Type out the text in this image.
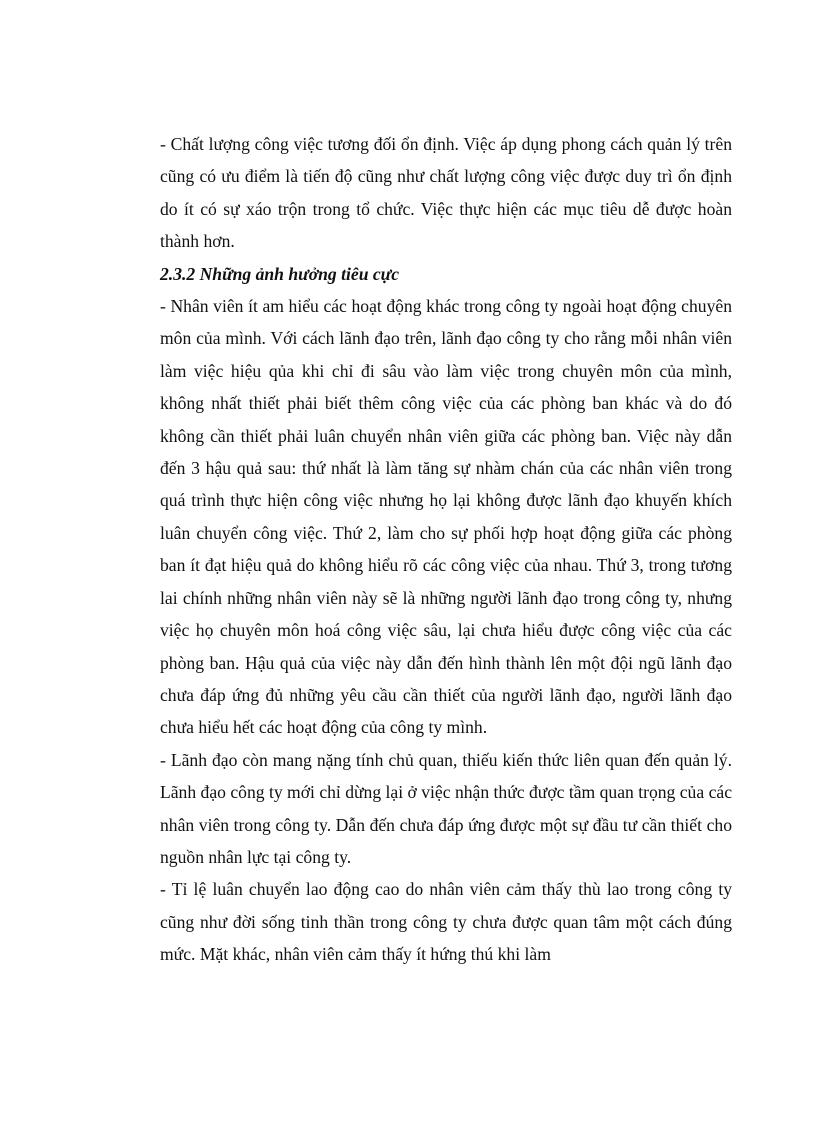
- Chất lượng công việc tương đối ổn định. Việc áp dụng phong cách quản lý trên cũng có ưu điểm là tiến độ cũng như chất lượng công việc được duy trì ổn định do ít có sự xáo trộn trong tổ chức. Việc thực hiện các mục tiêu dễ được hoàn thành hơn.

2.3.2 Những ảnh hưởng tiêu cực

- Nhân viên ít am hiểu các hoạt động khác trong công ty ngoài hoạt động chuyên môn của mình. Với cách lãnh đạo trên, lãnh đạo công ty cho rằng mỗi nhân viên làm việc hiệu qủa khi chỉ đi sâu vào làm việc trong chuyên môn của mình, không nhất thiết phải biết thêm công việc của các phòng ban khác và do đó không cần thiết phải luân chuyển nhân viên giữa các phòng ban. Việc này dẫn đến 3 hậu quả sau: thứ nhất là làm tăng sự nhàm chán của các nhân viên trong quá trình thực hiện công việc nhưng họ lại không được lãnh đạo khuyến khích luân chuyển công việc. Thứ 2, làm cho sự phối hợp hoạt động giữa các phòng ban ít đạt hiệu quả do không hiểu rõ các công việc của nhau. Thứ 3, trong tương lai chính những nhân viên này sẽ là những người lãnh đạo trong công ty, nhưng việc họ chuyên môn hoá công việc sâu, lại chưa hiểu được công việc của các phòng ban. Hậu quả của việc này dẫn đến hình thành lên một đội ngũ lãnh đạo chưa đáp ứng đủ những yêu cầu cần thiết của người lãnh đạo, người lãnh đạo chưa hiểu hết các hoạt động của công ty mình.

- Lãnh đạo còn mang nặng tính chủ quan, thiếu kiến thức liên quan đến quản lý. Lãnh đạo công ty mới chỉ dừng lại ở việc nhận thức được tầm quan trọng của các nhân viên trong công ty. Dẫn đến chưa đáp ứng được một sự đầu tư cần thiết cho nguồn nhân lực tại công ty.

- Tỉ lệ luân chuyển lao động cao do nhân viên cảm thấy thù lao trong công ty cũng như đời sống tinh thần trong công ty chưa được quan tâm một cách đúng mức. Mặt khác, nhân viên cảm thấy ít hứng thú khi làm
